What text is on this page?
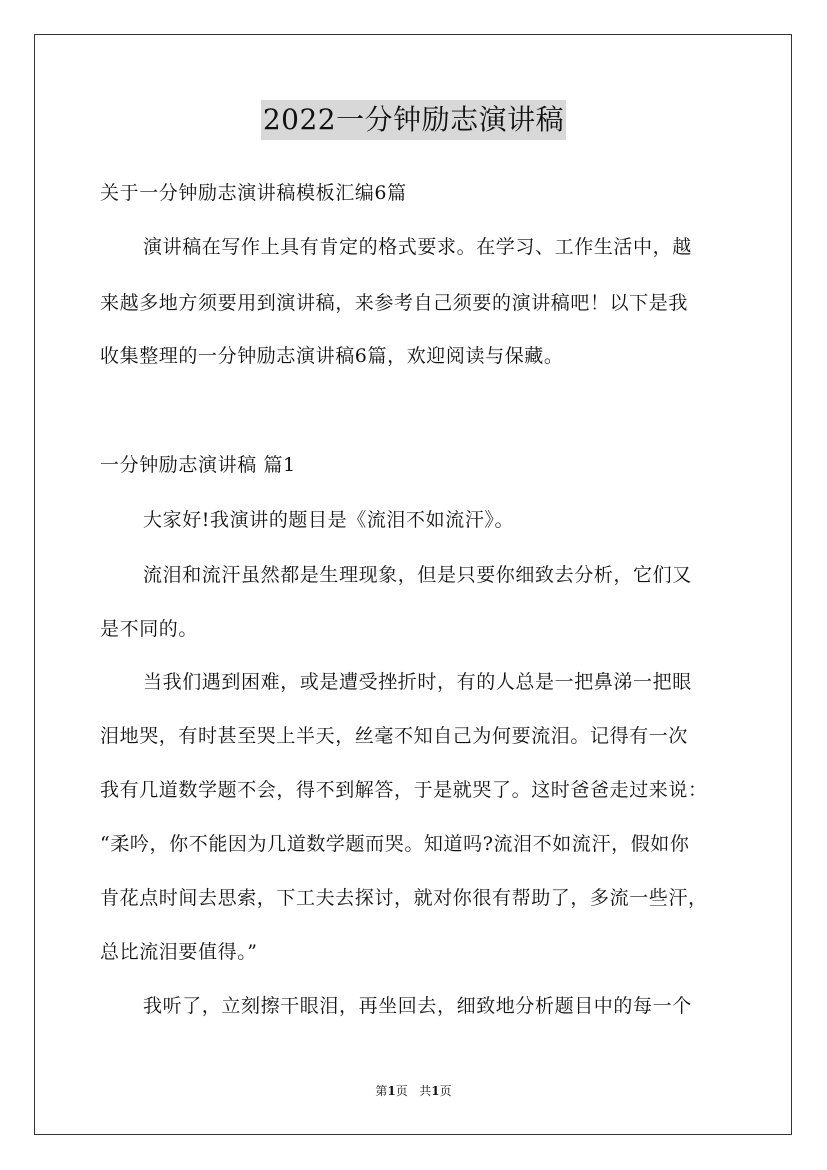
2022一分钟励志演讲稿
关于一分钟励志演讲稿模板汇编6篇
演讲稿在写作上具有肯定的格式要求。在学习、工作生活中，越
来越多地方须要用到演讲稿，来参考自己须要的演讲稿吧！以下是我
收集整理的一分钟励志演讲稿6篇，欢迎阅读与保藏。
一分钟励志演讲稿 篇1
大家好!我演讲的题目是《流泪不如流汗》。
流泪和流汗虽然都是生理现象，但是只要你细致去分析，它们又
是不同的。
当我们遇到困难，或是遭受挫折时，有的人总是一把鼻涕一把眼
泪地哭，有时甚至哭上半天，丝毫不知自己为何要流泪。记得有一次
我有几道数学题不会，得不到解答，于是就哭了。这时爸爸走过来说：
“柔吟，你不能因为几道数学题而哭。知道吗?流泪不如流汗，假如你
肯花点时间去思索，下工夫去探讨，就对你很有帮助了，多流一些汗，
总比流泪要值得。”
我听了，立刻擦干眼泪，再坐回去，细致地分析题目中的每一个
第1页 共1页
